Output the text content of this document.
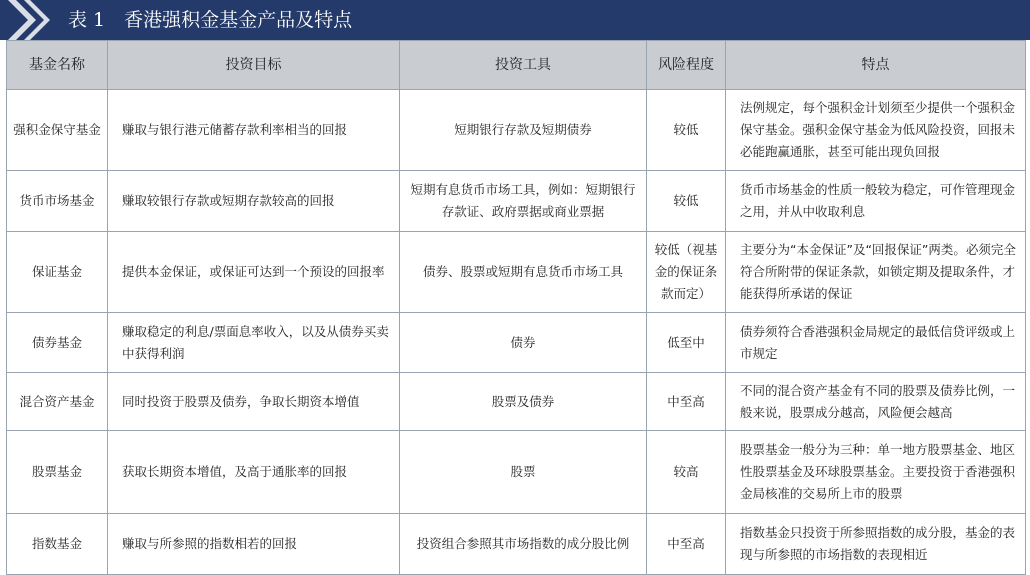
表 1　香港强积金基金产品及特点
基金名称	投资目标	投资工具	风险程度	特点
强积金保守基金	赚取与银行港元储蓄存款利率相当的回报	短期银行存款及短期债券	较低	法例规定，每个强积金计划须至少提供一个强积金保守基金。强积金保守基金为低风险投资，回报未必能跑赢通胀，甚至可能出现负回报
货币市场基金	赚取较银行存款或短期存款较高的回报	短期有息货币市场工具，例如：短期银行存款证、政府票据或商业票据	较低	货币市场基金的性质一般较为稳定，可作管理现金之用，并从中收取利息
保证基金	提供本金保证，或保证可达到一个预设的回报率	债券、股票或短期有息货币市场工具	较低（视基金的保证条款而定）	主要分为“本金保证”及“回报保证”两类。必须完全符合所附带的保证条款，如锁定期及提取条件，才能获得所承诺的保证
债券基金	赚取稳定的利息/票面息率收入，以及从债券买卖中获得利润	债券	低至中	债券须符合香港强积金局规定的最低信贷评级或上市规定
混合资产基金	同时投资于股票及债券，争取长期资本增值	股票及债券	中至高	不同的混合资产基金有不同的股票及债券比例，一般来说，股票成分越高，风险便会越高
股票基金	获取长期资本增值，及高于通胀率的回报	股票	较高	股票基金一般分为三种：单一地方股票基金、地区性股票基金及环球股票基金。主要投资于香港强积金局核准的交易所上市的股票
指数基金	赚取与所参照的指数相若的回报	投资组合参照其市场指数的成分股比例	中至高	指数基金只投资于所参照指数的成分股，基金的表现与所参照的市场指数的表现相近
